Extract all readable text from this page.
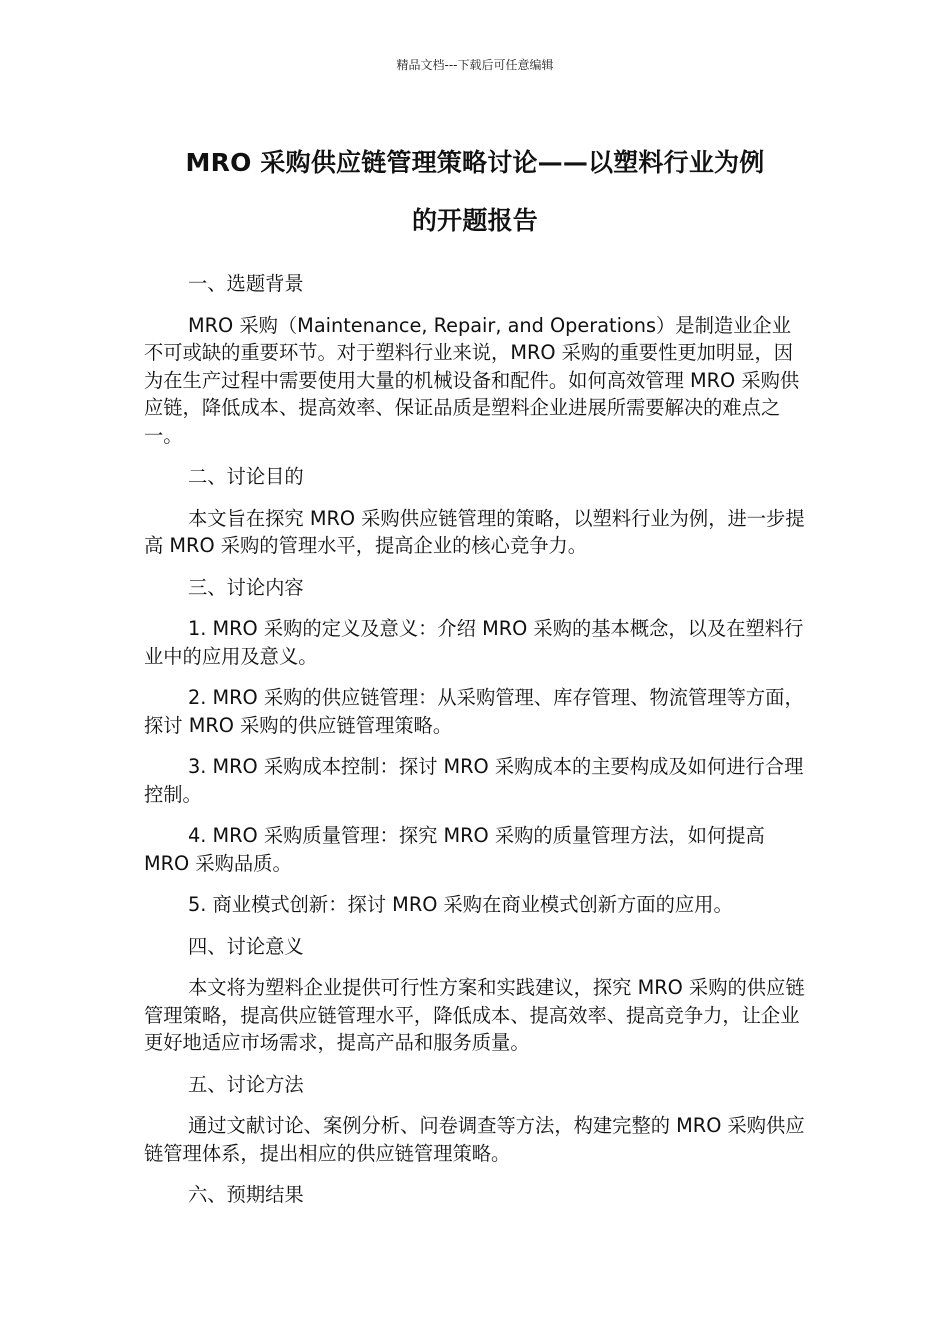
精品文档---下载后可任意编辑
MRO 采购供应链管理策略讨论——以塑料行业为例
的开题报告
一、选题背景
MRO 采购（Maintenance, Repair, and Operations）是制造业企业不可或缺的重要环节。对于塑料行业来说，MRO 采购的重要性更加明显，因为在生产过程中需要使用大量的机械设备和配件。如何高效管理 MRO 采购供应链，降低成本、提高效率、保证品质是塑料企业进展所需要解决的难点之一。
二、讨论目的
本文旨在探究 MRO 采购供应链管理的策略，以塑料行业为例，进一步提高 MRO 采购的管理水平，提高企业的核心竞争力。
三、讨论内容
1. MRO 采购的定义及意义：介绍 MRO 采购的基本概念，以及在塑料行业中的应用及意义。
2. MRO 采购的供应链管理：从采购管理、库存管理、物流管理等方面，探讨 MRO 采购的供应链管理策略。
3. MRO 采购成本控制：探讨 MRO 采购成本的主要构成及如何进行合理控制。
4. MRO 采购质量管理：探究 MRO 采购的质量管理方法，如何提高 MRO 采购品质。
5. 商业模式创新：探讨 MRO 采购在商业模式创新方面的应用。
四、讨论意义
本文将为塑料企业提供可行性方案和实践建议，探究 MRO 采购的供应链管理策略，提高供应链管理水平，降低成本、提高效率、提高竞争力，让企业更好地适应市场需求，提高产品和服务质量。
五、讨论方法
通过文献讨论、案例分析、问卷调查等方法，构建完整的 MRO 采购供应链管理体系，提出相应的供应链管理策略。
六、预期结果
